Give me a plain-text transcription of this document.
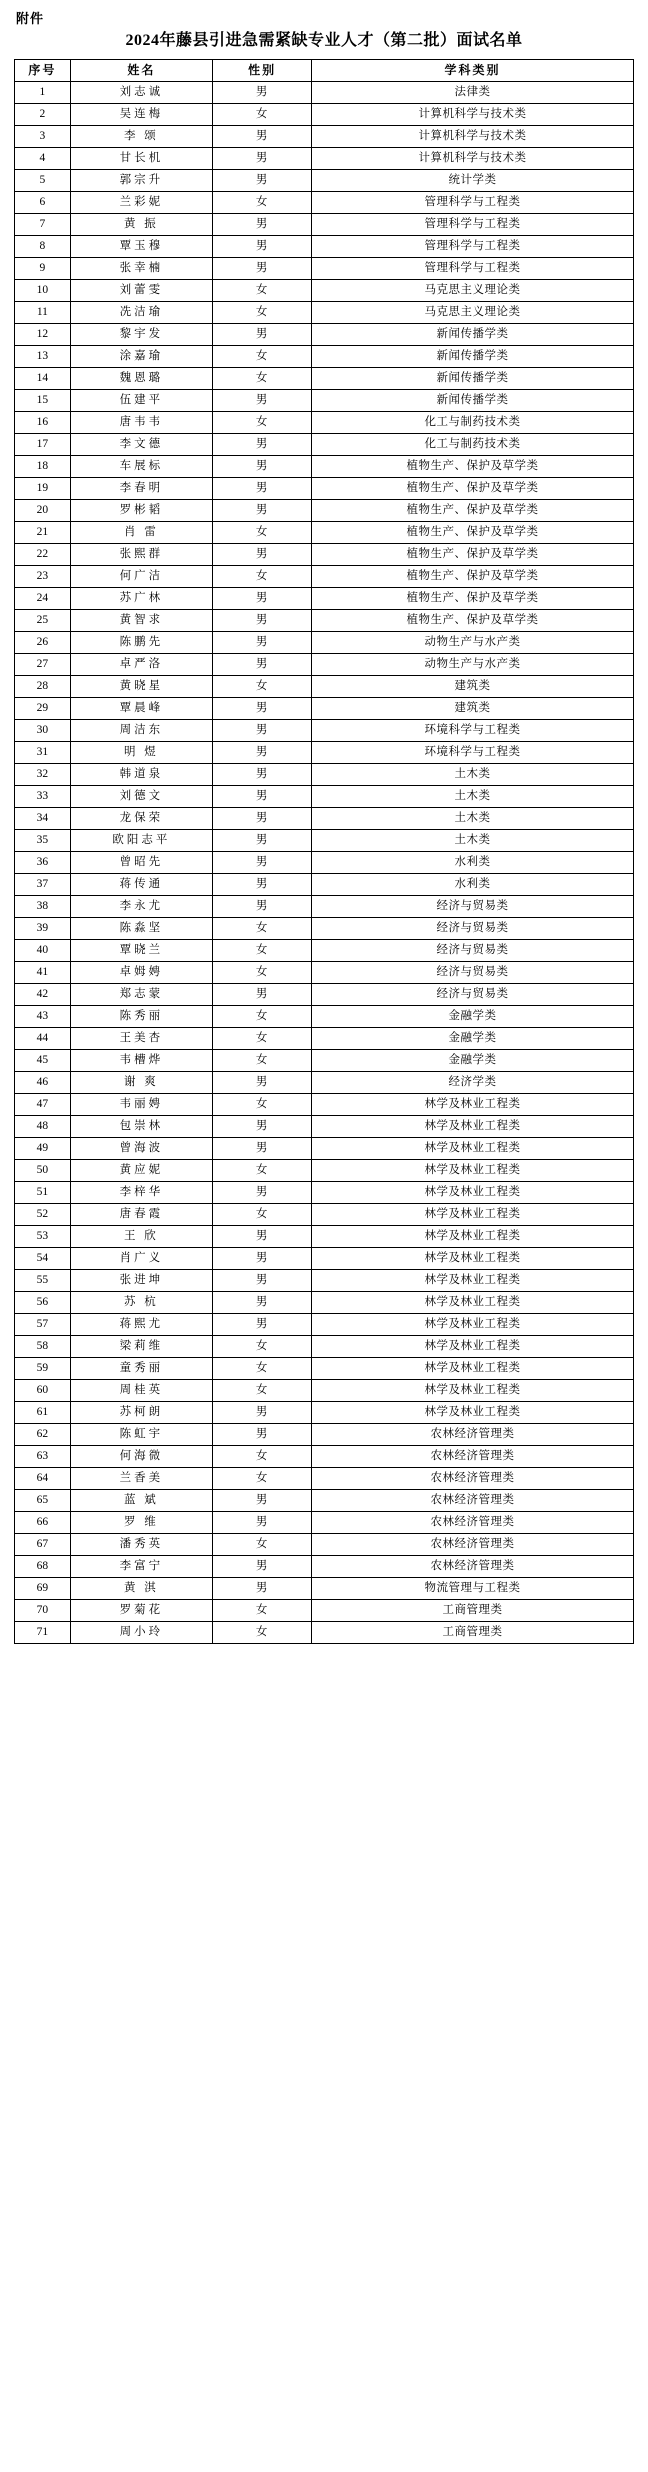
附件
2024年藤县引进急需紧缺专业人才（第二批）面试名单
序号	姓名	性别	学科类别
1	刘志诚	男	法律类
2	吴连梅	女	计算机科学与技术类
3	李 颂	男	计算机科学与技术类
4	甘长机	男	计算机科学与技术类
5	郭宗升	男	统计学类
6	兰彩妮	女	管理科学与工程类
7	黄 振	男	管理科学与工程类
8	覃玉穆	男	管理科学与工程类
9	张幸楠	男	管理科学与工程类
10	刘蕾雯	女	马克思主义理论类
11	冼洁瑜	女	马克思主义理论类
12	黎宇发	男	新闻传播学类
13	涂嘉瑜	女	新闻传播学类
14	魏恩璐	女	新闻传播学类
15	伍建平	男	新闻传播学类
16	唐韦韦	女	化工与制药技术类
17	李文德	男	化工与制药技术类
18	车展标	男	植物生产、保护及草学类
19	李春明	男	植物生产、保护及草学类
20	罗彬韬	男	植物生产、保护及草学类
21	肖 雷	女	植物生产、保护及草学类
22	张熙群	男	植物生产、保护及草学类
23	何广洁	女	植物生产、保护及草学类
24	苏广林	男	植物生产、保护及草学类
25	黄智求	男	植物生产、保护及草学类
26	陈鹏先	男	动物生产与水产类
27	卓严洛	男	动物生产与水产类
28	黄晓星	女	建筑类
29	覃晨峰	男	建筑类
30	周洁东	男	环境科学与工程类
31	明 煜	男	环境科学与工程类
32	韩道泉	男	土木类
33	刘德文	男	土木类
34	龙保荣	男	土木类
35	欧阳志平	男	土木类
36	曾昭先	男	水利类
37	蒋传通	男	水利类
38	李永尤	男	经济与贸易类
39	陈淼坚	女	经济与贸易类
40	覃晓兰	女	经济与贸易类
41	卓姆娉	女	经济与贸易类
42	郑志蒙	男	经济与贸易类
43	陈秀丽	女	金融学类
44	王美杏	女	金融学类
45	韦槽烨	女	金融学类
46	谢 爽	男	经济学类
47	韦丽娉	女	林学及林业工程类
48	包崇林	男	林学及林业工程类
49	曾海波	男	林学及林业工程类
50	黄应妮	女	林学及林业工程类
51	李梓华	男	林学及林业工程类
52	唐春霞	女	林学及林业工程类
53	王 欣	男	林学及林业工程类
54	肖广义	男	林学及林业工程类
55	张进坤	男	林学及林业工程类
56	苏 杭	男	林学及林业工程类
57	蒋熙尤	男	林学及林业工程类
58	梁莉维	女	林学及林业工程类
59	童秀丽	女	林学及林业工程类
60	周桂英	女	林学及林业工程类
61	苏柯朗	男	林学及林业工程类
62	陈虹宇	男	农林经济管理类
63	何海微	女	农林经济管理类
64	兰香美	女	农林经济管理类
65	蓝 斌	男	农林经济管理类
66	罗 维	男	农林经济管理类
67	潘秀英	女	农林经济管理类
68	李富宁	男	农林经济管理类
69	黄 淇	男	物流管理与工程类
70	罗菊花	女	工商管理类
71	周小玲	女	工商管理类
